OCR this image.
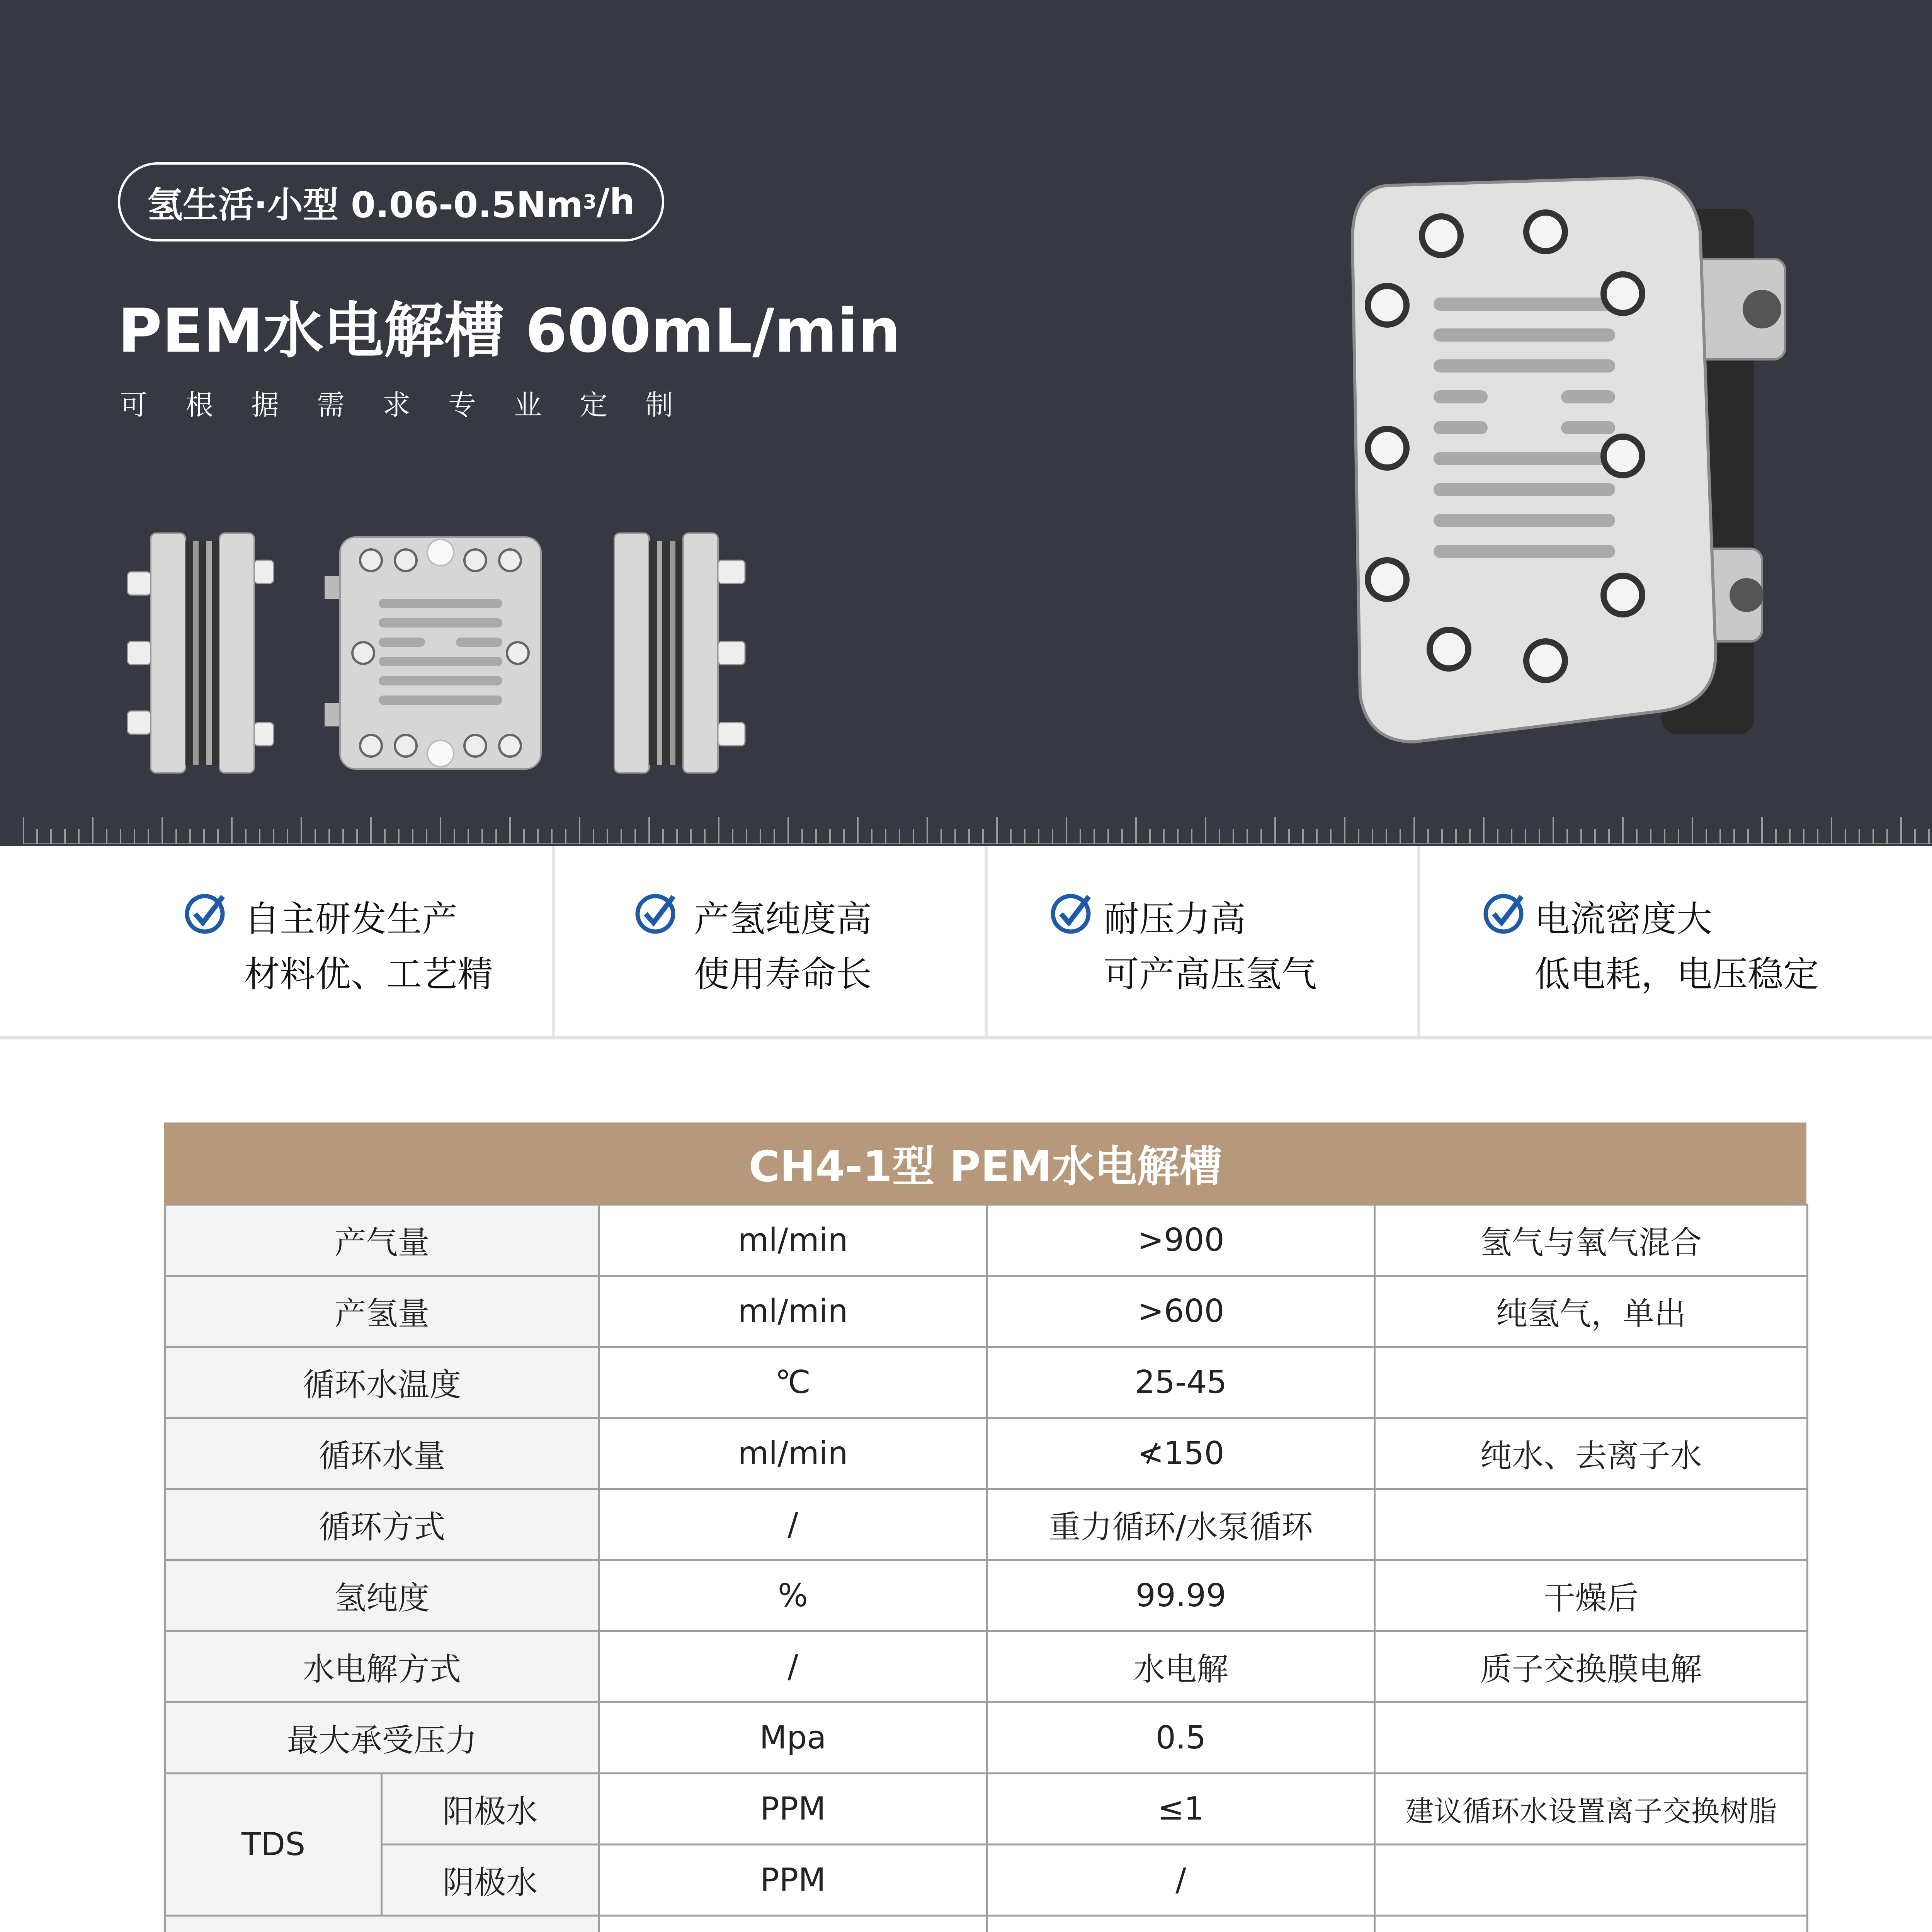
氢生活·小型 0.06-0.5Nm 3 /h
PEM水电解槽 600mL/min
可根据需求专业定制
自主研发生产
材料优、工艺精
产氢纯度高
使用寿命长
耐压力高
可产高压氢气
电流密度大
低电耗，电压稳定
CH4-1型 PEM水电解槽
产气量		ml/min	>900	氢气与氧气混合
产氢量		ml/min	>600	纯氢气，单出
循环水温度		℃	25-45	
循环水量		ml/min	≮150	纯水、去离子水
循环方式		/	重力循环/水泵循环	
氢纯度		%	99.99	干燥后
水电解方式		/	水电解	质子交换膜电解
最大承受压力		Mpa	0.5	
TDS	阳极水	PPM	≤1	建议循环水设置离子交换树脂
	阴极水	PPM	/	
